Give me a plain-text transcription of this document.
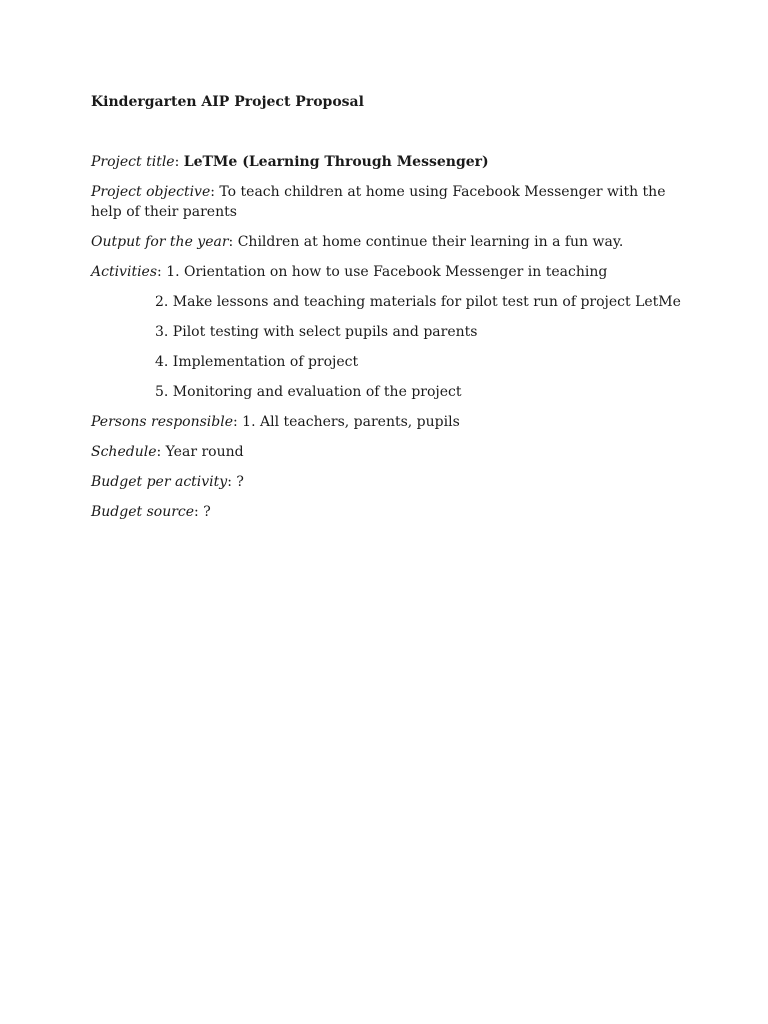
Kindergarten AIP Project Proposal

Project title: LeTMe (Learning Through Messenger)

Project objective: To teach children at home using Facebook Messenger with the help of their parents

Output for the year: Children at home continue their learning in a fun way.

Activities: 1. Orientation on how to use Facebook Messenger in teaching

2. Make lessons and teaching materials for pilot test run of project LetMe

3. Pilot testing with select pupils and parents

4. Implementation of project

5. Monitoring and evaluation of the project

Persons responsible: 1. All teachers, parents, pupils

Schedule: Year round

Budget per activity: ?

Budget source: ?
